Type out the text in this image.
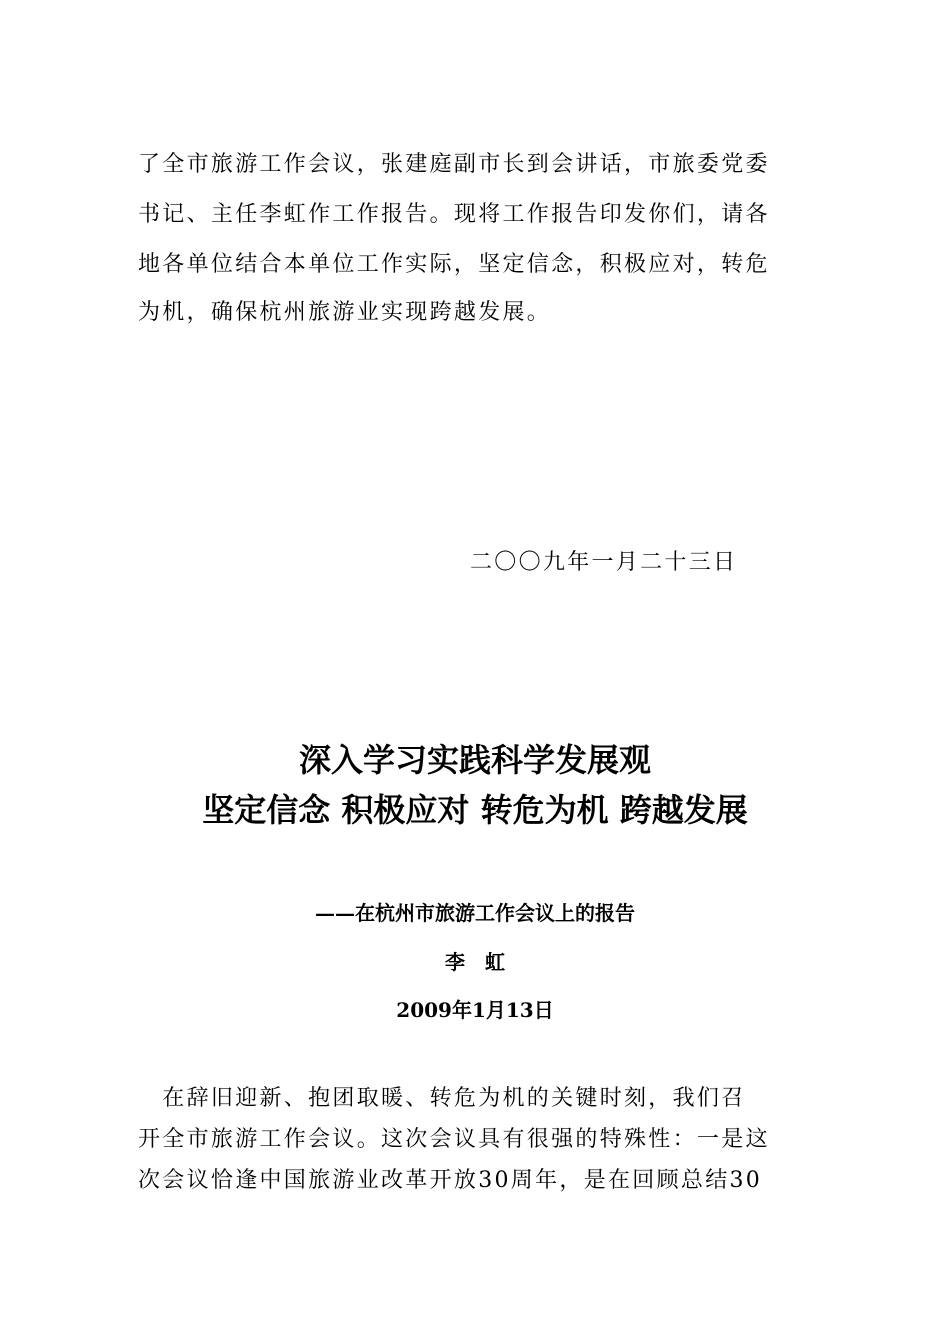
了全市旅游工作会议，张建庭副市长到会讲话，市旅委党委
书记、主任李虹作工作报告。现将工作报告印发你们，请各
地各单位结合本单位工作实际，坚定信念，积极应对，转危
为机，确保杭州旅游业实现跨越发展。
二〇〇九年一月二十三日
深入学习实践科学发展观
坚定信念 积极应对 转危为机 跨越发展
——在杭州市旅游工作会议上的报告
李　虹
2009年1月13日
　在辞旧迎新、抱团取暖、转危为机的关键时刻，我们召
开全市旅游工作会议。这次会议具有很强的特殊性：一是这
次会议恰逢中国旅游业改革开放30周年，是在回顾总结30
